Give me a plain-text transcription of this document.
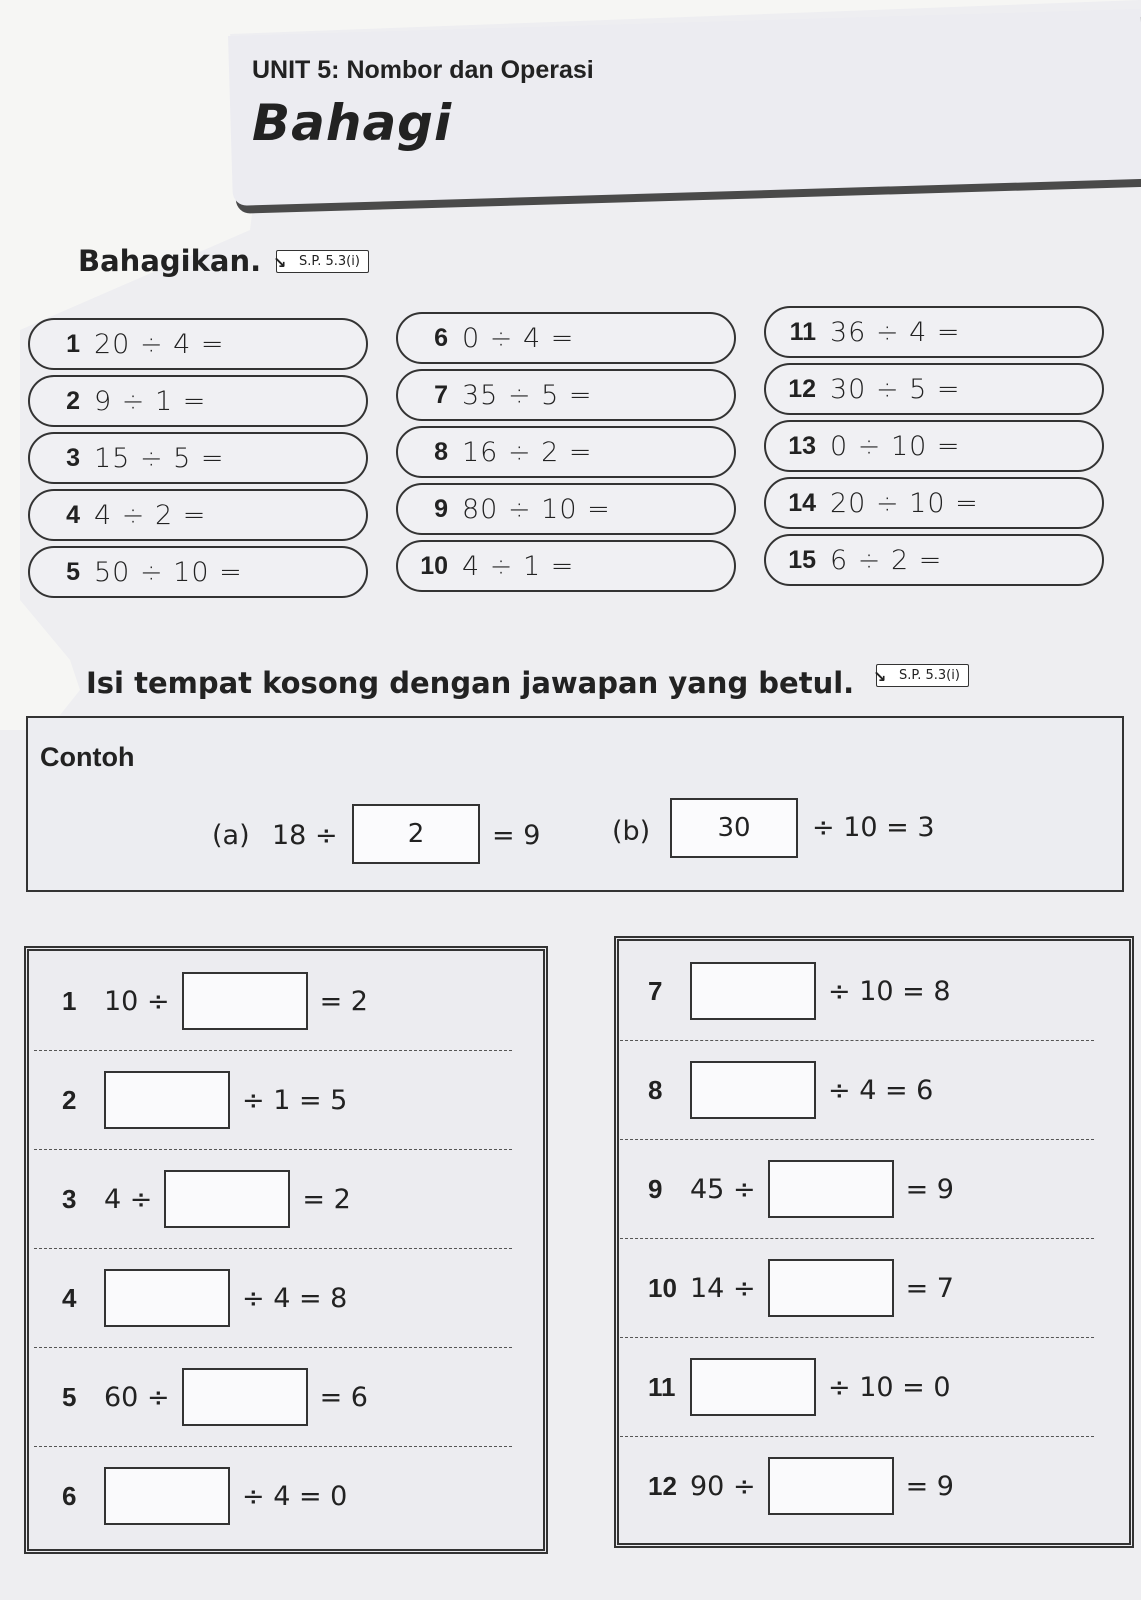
UNIT 5: Nombor dan Operasi
Bahagi
Bahagikan. ↘ S.P. 5.3(i)
1 20 ÷ 4 =
2 9 ÷ 1 =
3 15 ÷ 5 =
4 4 ÷ 2 =
5 50 ÷ 10 =
6 0 ÷ 4 =
7 35 ÷ 5 =
8 16 ÷ 2 =
9 80 ÷ 10 =
10 4 ÷ 1 =
11 36 ÷ 4 =
12 30 ÷ 5 =
13 0 ÷ 10 =
14 20 ÷ 10 =
15 6 ÷ 2 =
Isi tempat kosong dengan jawapan yang betul. ↘ S.P. 5.3(i)
Contoh
(a) 18 ÷	2	= 9	(b)	30 ÷ 10 = 3
1	10 ÷	= 2
2	÷ 1 = 5
3	4 ÷	= 2
4	÷ 4 = 8
5	60 ÷	= 6
6	÷ 4 = 0
7	÷ 10 = 8
8	÷ 4 = 6
9	45 ÷	= 9
10 14 ÷	= 7
11	÷ 10 = 0
12 90 ÷	= 9
